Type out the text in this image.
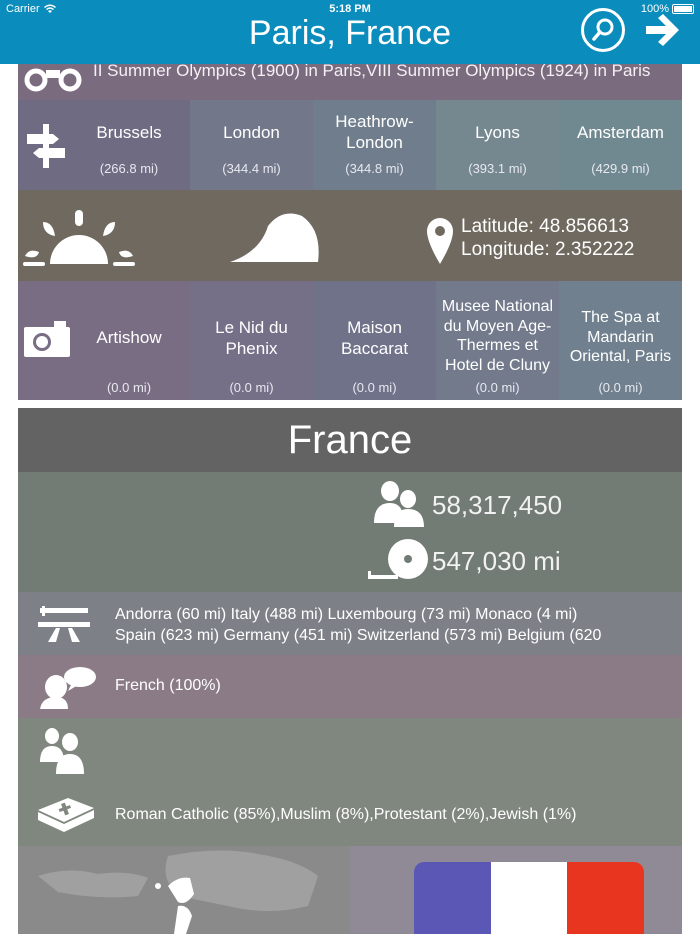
Carrier	5:18 PM	100%
Paris, France
II Summer Olympics (1900) in Paris,VIII Summer Olympics (1924) in Paris
Brussels
(266.8 mi)
London
(344.4 mi)
Heathrow-London
(344.8 mi)
Lyons
(393.1 mi)
Amsterdam
(429.9 mi)
Latitude: 48.856613
Longitude: 2.352222
Artishow
(0.0 mi)
Le Nid du Phenix
(0.0 mi)
Maison Baccarat
(0.0 mi)
Musee National du Moyen Age-Thermes et Hotel de Cluny
(0.0 mi)
The Spa at Mandarin Oriental, Paris
(0.0 mi)
France
58,317,450
547,030 mi
Andorra (60 mi) Italy (488 mi) Luxembourg (73 mi) Monaco (4 mi)
Spain (623 mi) Germany (451 mi) Switzerland (573 mi) Belgium (620
French (100%)
Roman Catholic (85%),Muslim (8%),Protestant (2%),Jewish (1%)
